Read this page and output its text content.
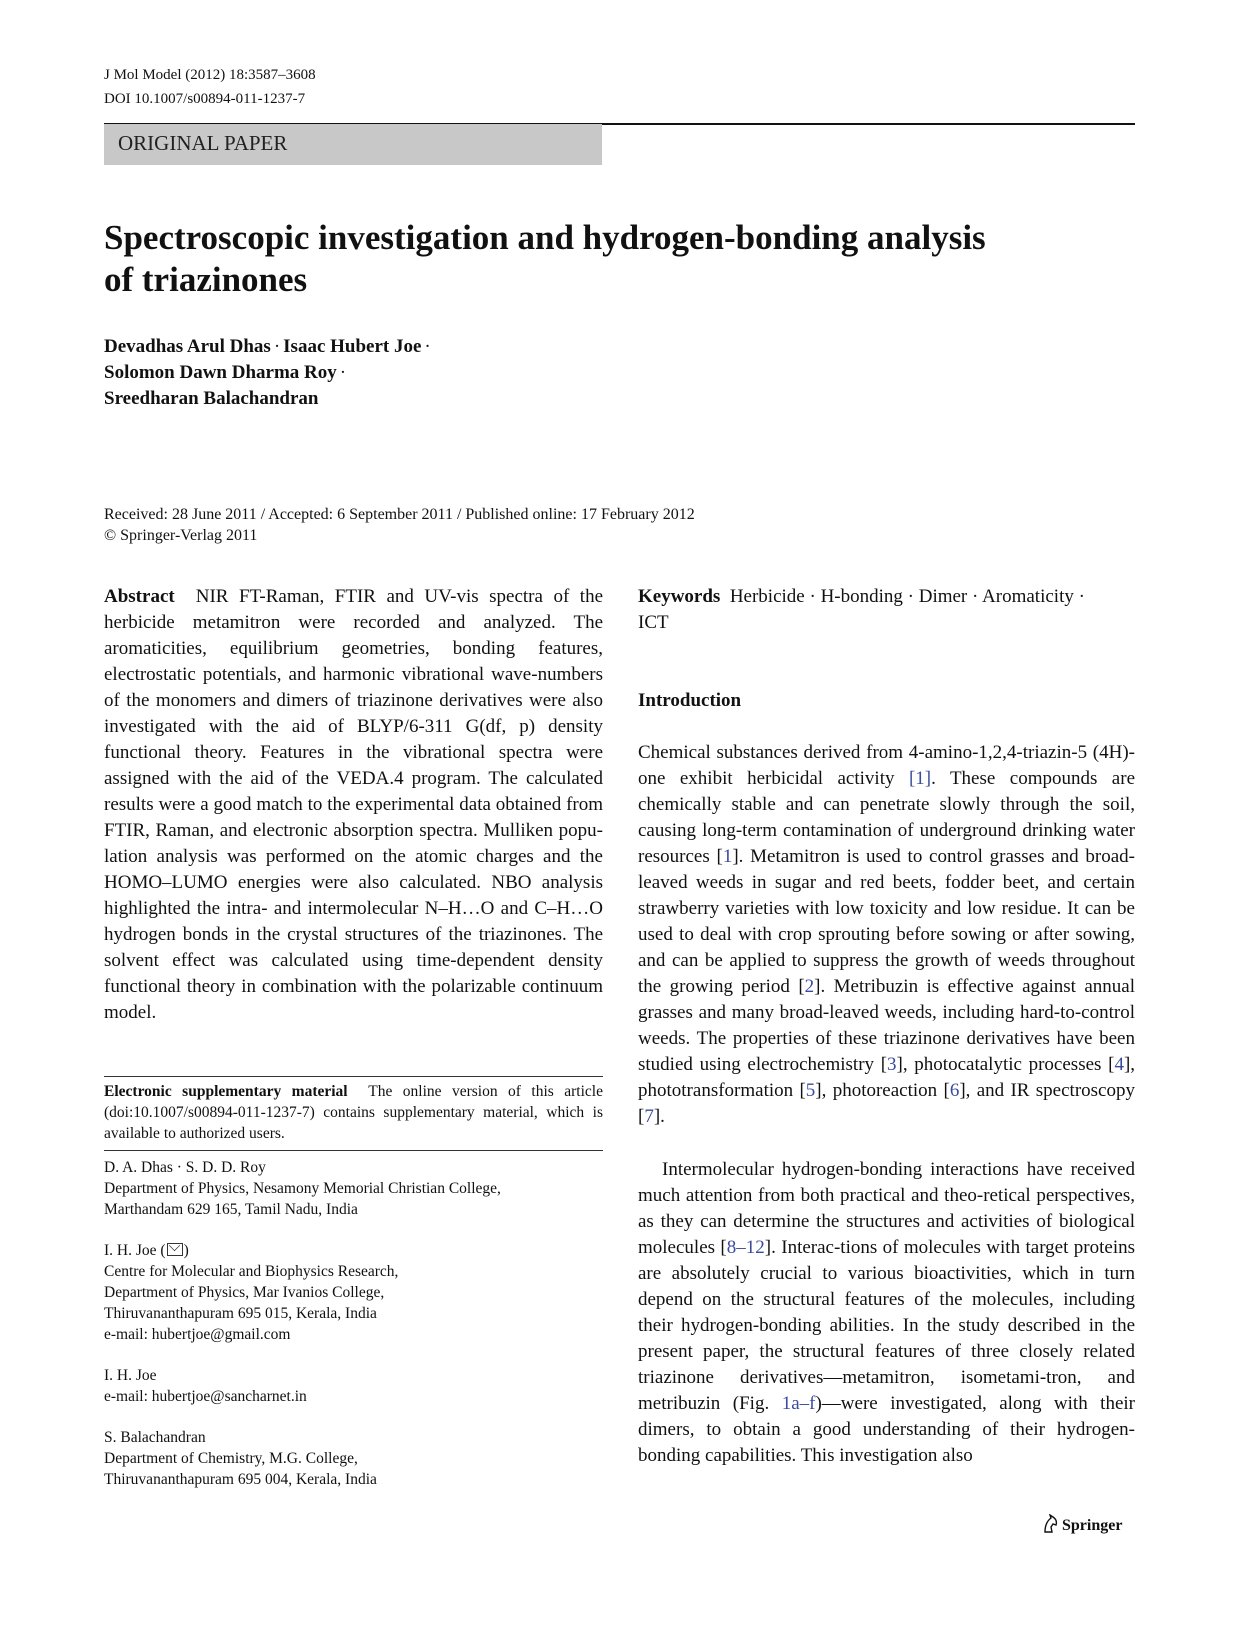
J Mol Model (2012) 18:3587–3608
DOI 10.1007/s00894-011-1237-7
ORIGINAL PAPER
Spectroscopic investigation and hydrogen-bonding analysis
of triazinones
Devadhas Arul Dhas · Isaac Hubert Joe ·
Solomon Dawn Dharma Roy ·
Sreedharan Balachandran
Received: 28 June 2011 / Accepted: 6 September 2011 / Published online: 17 February 2012
© Springer-Verlag 2011

Abstract NIR FT-Raman, FTIR and UV-vis spectra of the herbicide metamitron were recorded and analyzed. The aromaticities, equilibrium geometries, bonding features, electrostatic potentials, and harmonic vibrational wave-numbers of the monomers and dimers of triazinone derivatives were also investigated with the aid of BLYP/6-311 G(df, p) density functional theory. Features in the vibrational spectra were assigned with the aid of the VEDA.4 program. The calculated results were a good match to the experimental data obtained from FTIR, Raman, and electronic absorption spectra. Mulliken popu-lation analysis was performed on the atomic charges and the HOMO–LUMO energies were also calculated. NBO analysis highlighted the intra- and intermolecular N–H…O and C–H…O hydrogen bonds in the crystal structures of the triazinones. The solvent effect was calculated using time-dependent density functional theory in combination with the polarizable continuum model.

Electronic supplementary material The online version of this article (doi:10.1007/s00894-011-1237-7) contains supplementary material, which is available to authorized users.

D. A. Dhas · S. D. D. Roy
Department of Physics, Nesamony Memorial Christian College,
Marthandam 629 165, Tamil Nadu, India
I. H. Joe ( )
Centre for Molecular and Biophysics Research,
Department of Physics, Mar Ivanios College,
Thiruvananthapuram 695 015, Kerala, India
e-mail: hubertjoe@gmail.com
I. H. Joe
e-mail: hubertjoe@sancharnet.in
S. Balachandran
Department of Chemistry, M.G. College,
Thiruvananthapuram 695 004, Kerala, India

Keywords Herbicide · H-bonding · Dimer · Aromaticity ·
ICT

Introduction

Chemical substances derived from 4-amino-1,2,4-triazin-5 (4H)-one exhibit herbicidal activity [1]. These compounds are chemically stable and can penetrate slowly through the soil, causing long-term contamination of underground drinking water resources [1]. Metamitron is used to control grasses and broad-leaved weeds in sugar and red beets, fodder beet, and certain strawberry varieties with low toxicity and low residue. It can be used to deal with crop sprouting before sowing or after sowing, and can be applied to suppress the growth of weeds throughout the growing period [2]. Metribuzin is effective against annual grasses and many broad-leaved weeds, including hard-to-control weeds. The properties of these triazinone derivatives have been studied using electrochemistry [3], photocatalytic processes [4], phototransformation [5], photoreaction [6], and IR spectroscopy [7].

Intermolecular hydrogen-bonding interactions have received much attention from both practical and theo-retical perspectives, as they can determine the structures and activities of biological molecules [8–12]. Interac-tions of molecules with target proteins are absolutely crucial to various bioactivities, which in turn depend on the structural features of the molecules, including their hydrogen-bonding abilities. In the study described in the present paper, the structural features of three closely related triazinone derivatives—metamitron, isometami-tron, and metribuzin (Fig. 1a–f)—were investigated, along with their dimers, to obtain a good understanding of their hydrogen-bonding capabilities. This investigation also

Springer
